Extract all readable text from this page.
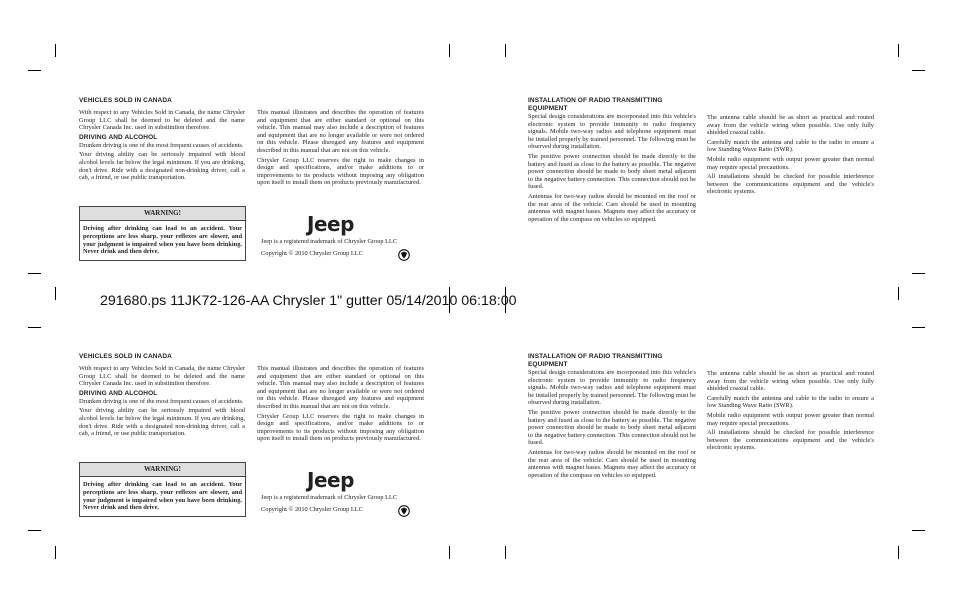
291680.ps 11JK72-126-AA Chrysler 1" gutter 05/14/2010 06:18:00

VEHICLES SOLD IN CANADA

With respect to any Vehicles Sold in Canada, the name Chrysler Group LLC shall be deemed to be deleted and the name Chrysler Canada Inc. used in substitution therefore.

DRIVING AND ALCOHOL

Drunken driving is one of the most frequent causes of accidents.

Your driving ability can be seriously impaired with blood alcohol levels far below the legal minimum. If you are drinking, don't drive. Ride with a designated non-drinking driver, call a cab, a friend, or use public transportation.

WARNING!
Driving after drinking can lead to an accident. Your perceptions are less sharp, your reflexes are slower, and your judgment is impaired when you have been drinking. Never drink and then drive.

This manual illustrates and describes the operation of features and equipment that are either standard or optional on this vehicle. This manual may also include a description of features and equipment that are no longer available or were not ordered on this vehicle. Please disregard any features and equipment described in this manual that are not on this vehicle.

Chrysler Group LLC reserves the right to make changes in design and specifications, and/or make additions to or improvements to its products without imposing any obligation upon itself to install them on products previously manufactured.

Jeep
Jeep is a registered trademark of Chrysler Group LLC
Copyright © 2010 Chrysler Group LLC

INSTALLATION OF RADIO TRANSMITTING

EQUIPMENT

Special design considerations are incorporated into this vehicle's electronic system to provide immunity to radio frequency signals. Mobile two-way radios and telephone equipment must be installed properly by trained personnel. The following must be observed during installation.

The positive power connection should be made directly to the battery and fused as close to the battery as possible. The negative power connection should be made to body sheet metal adjacent to the negative battery connection. This connection should not be fused.

Antennas for two-way radios should be mounted on the roof or the rear area of the vehicle. Care should be used in mounting antennas with magnet bases. Magnets may affect the accuracy or operation of the compass on vehicles so equipped.

The antenna cable should be as short as practical and routed away from the vehicle wiring when possible. Use only fully shielded coaxial cable.

Carefully match the antenna and cable to the radio to ensure a low Standing Wave Ratio (SWR).

Mobile radio equipment with output power greater than normal may require special precautions.

All installations should be checked for possible interference between the communications equipment and the vehicle's electronic systems.

VEHICLES SOLD IN CANADA

With respect to any Vehicles Sold in Canada, the name Chrysler Group LLC shall be deemed to be deleted and the name Chrysler Canada Inc. used in substitution therefore.

DRIVING AND ALCOHOL

Drunken driving is one of the most frequent causes of accidents.

Your driving ability can be seriously impaired with blood alcohol levels far below the legal minimum. If you are drinking, don't drive. Ride with a designated non-drinking driver, call a cab, a friend, or use public transportation.

WARNING!
Driving after drinking can lead to an accident. Your perceptions are less sharp, your reflexes are slower, and your judgment is impaired when you have been drinking. Never drink and then drive.

This manual illustrates and describes the operation of features and equipment that are either standard or optional on this vehicle. This manual may also include a description of features and equipment that are no longer available or were not ordered on this vehicle. Please disregard any features and equipment described in this manual that are not on this vehicle.

Chrysler Group LLC reserves the right to make changes in design and specifications, and/or make additions to or improvements to its products without imposing any obligation upon itself to install them on products previously manufactured.

Jeep
Jeep is a registered trademark of Chrysler Group LLC
Copyright © 2010 Chrysler Group LLC

INSTALLATION OF RADIO TRANSMITTING

EQUIPMENT

Special design considerations are incorporated into this vehicle's electronic system to provide immunity to radio frequency signals. Mobile two-way radios and telephone equipment must be installed properly by trained personnel. The following must be observed during installation.

The positive power connection should be made directly to the battery and fused as close to the battery as possible. The negative power connection should be made to body sheet metal adjacent to the negative battery connection. This connection should not be fused.

Antennas for two-way radios should be mounted on the roof or the rear area of the vehicle. Care should be used in mounting antennas with magnet bases. Magnets may affect the accuracy or operation of the compass on vehicles so equipped.

The antenna cable should be as short as practical and routed away from the vehicle wiring when possible. Use only fully shielded coaxial cable.

Carefully match the antenna and cable to the radio to ensure a low Standing Wave Ratio (SWR).

Mobile radio equipment with output power greater than normal may require special precautions.

All installations should be checked for possible interference between the communications equipment and the vehicle's electronic systems.
